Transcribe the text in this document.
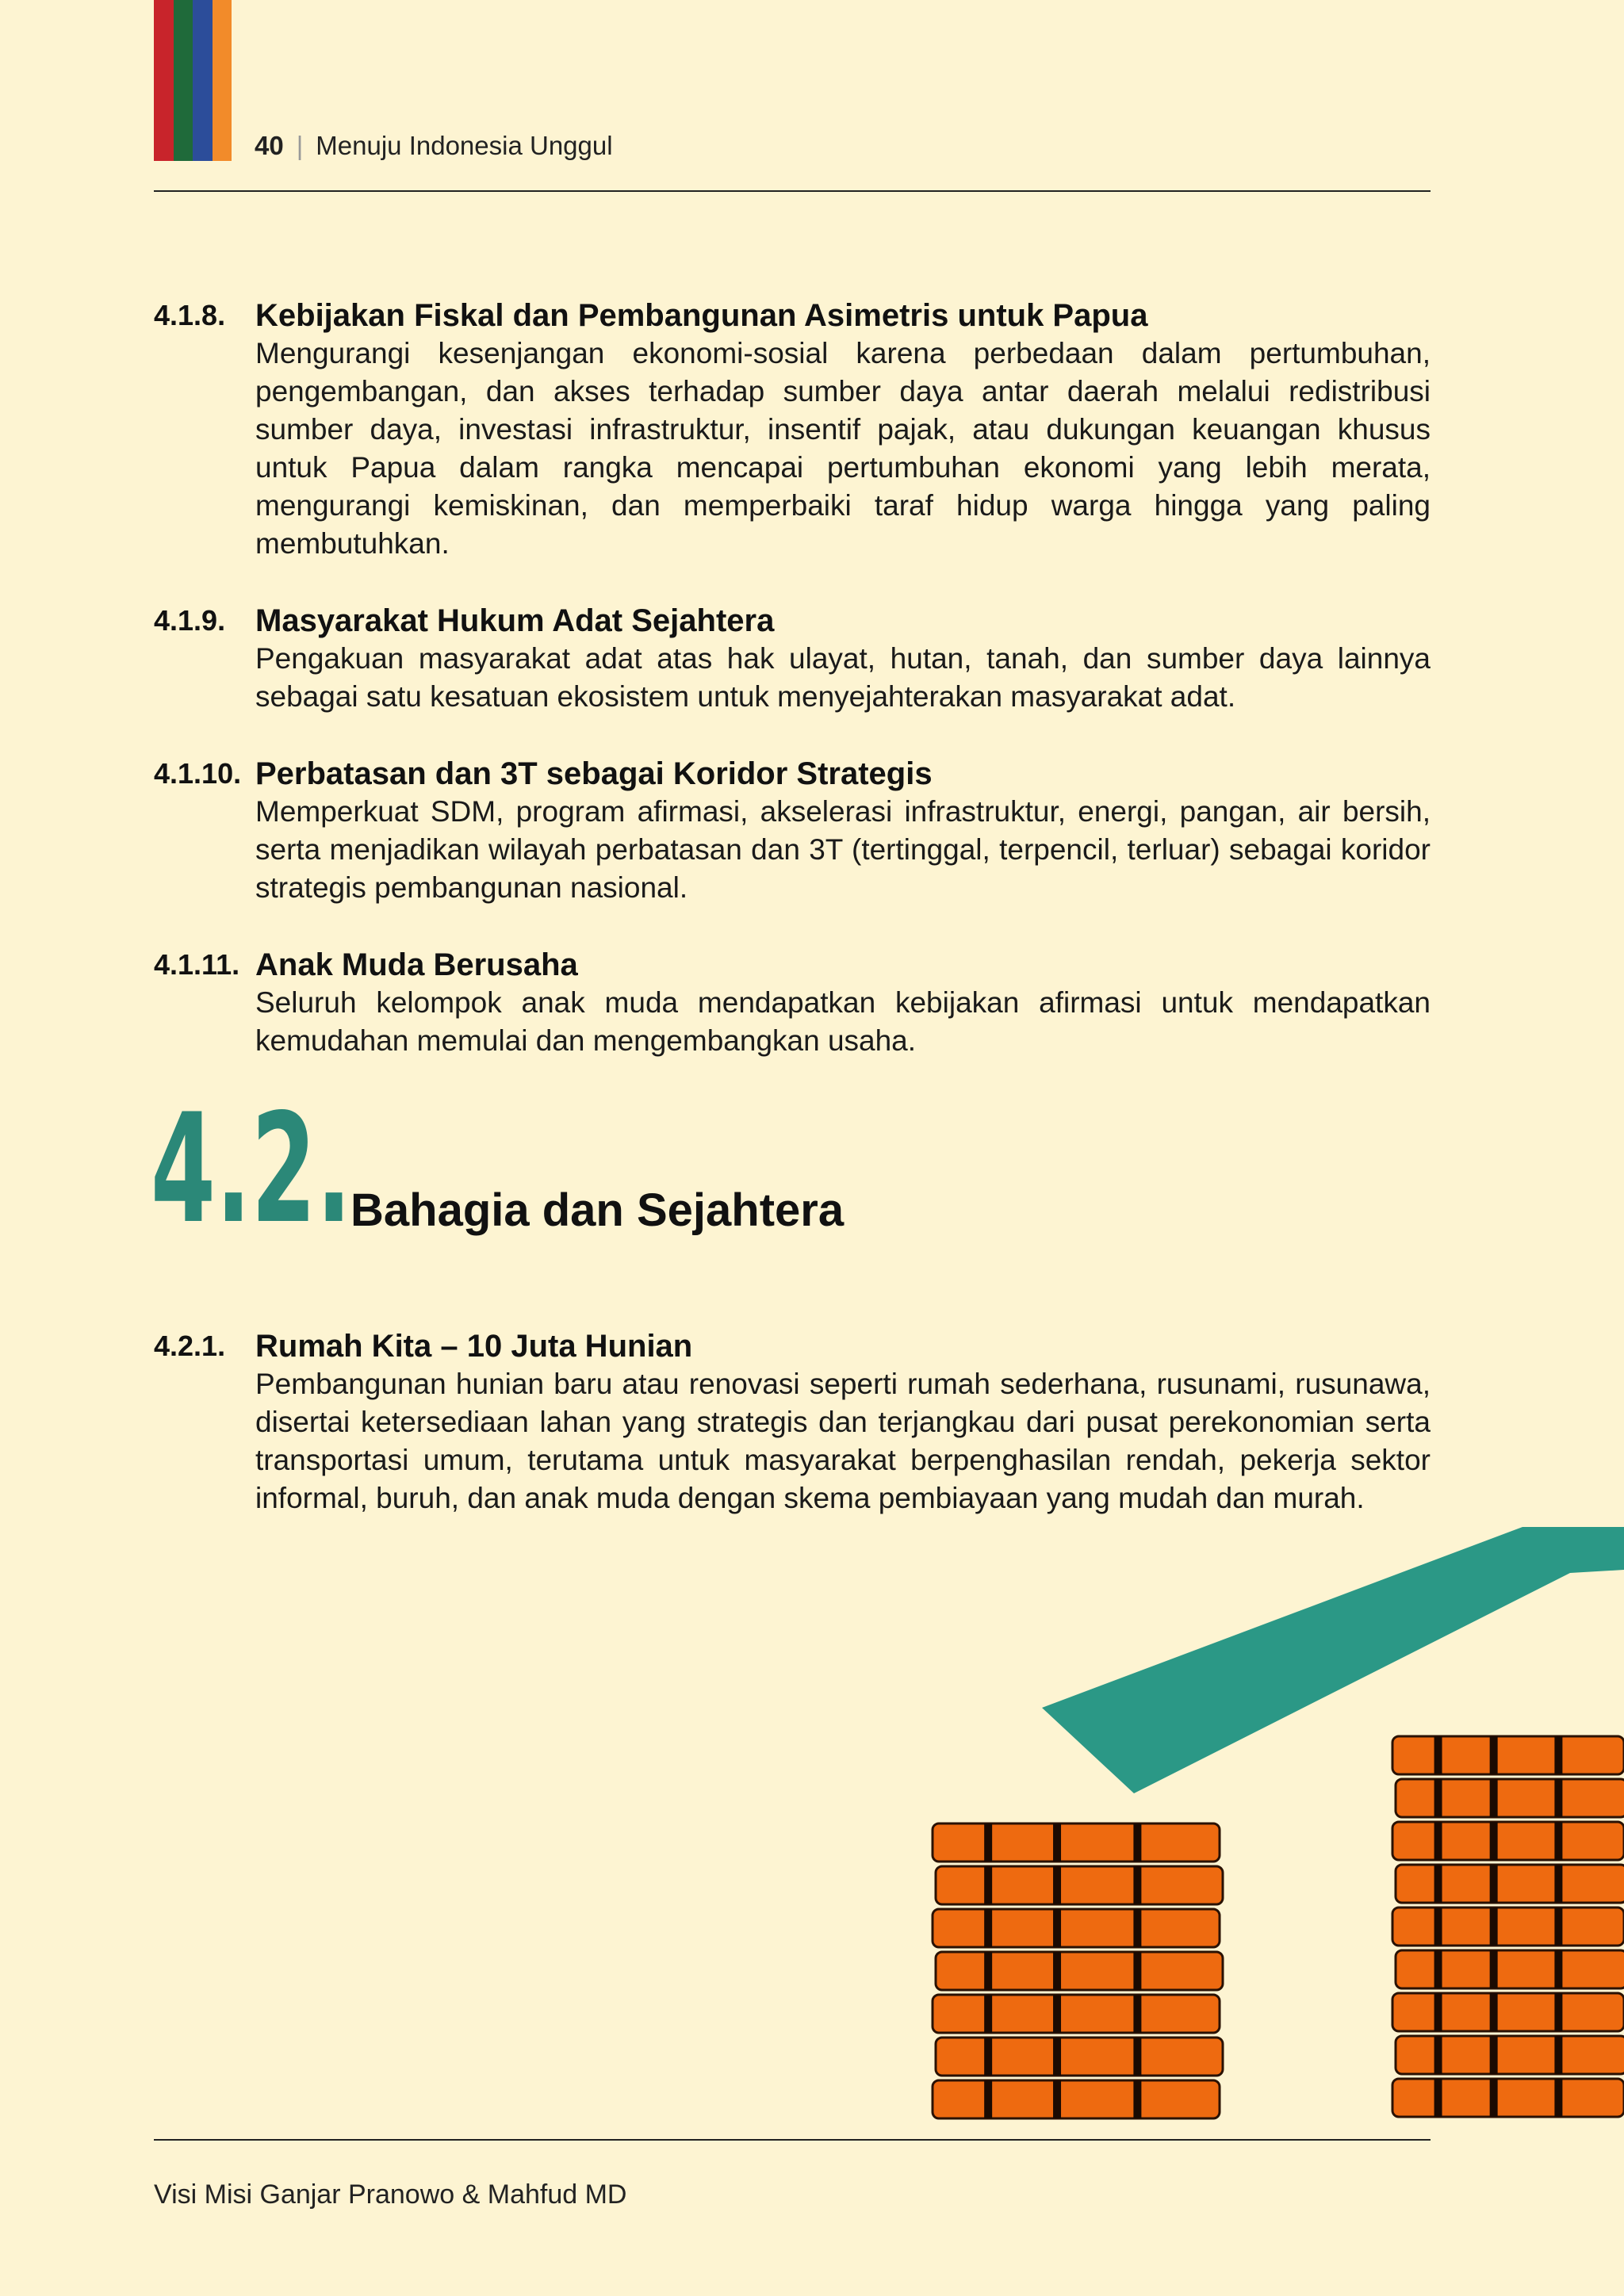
40 | Menuju Indonesia Unggul
4.1.8. Kebijakan Fiskal dan Pembangunan Asimetris untuk Papua
Mengurangi kesenjangan ekonomi-sosial karena perbedaan dalam pertumbuhan, pengembangan, dan akses terhadap sumber daya antar daerah melalui redistribusi sumber daya, investasi infrastruktur, insentif pajak, atau dukungan keuangan khusus untuk Papua dalam rangka mencapai pertumbuhan ekonomi yang lebih merata, mengurangi kemiskinan, dan memperbaiki taraf hidup warga hingga yang paling membutuhkan.
4.1.9. Masyarakat Hukum Adat Sejahtera
Pengakuan masyarakat adat atas hak ulayat, hutan, tanah, dan sumber daya lainnya sebagai satu kesatuan ekosistem untuk menyejahterakan masyarakat adat.
4.1.10. Perbatasan dan 3T sebagai Koridor Strategis
Memperkuat SDM, program afirmasi, akselerasi infrastruktur, energi, pangan, air bersih, serta menjadikan wilayah perbatasan dan 3T (tertinggal, terpencil, terluar) sebagai koridor strategis pembangunan nasional.
4.1.11. Anak Muda Berusaha
Seluruh kelompok anak muda mendapatkan kebijakan afirmasi untuk mendapatkan kemudahan memulai dan mengembangkan usaha.
4.2.
Bahagia dan Sejahtera
4.2.1. Rumah Kita – 10 Juta Hunian
Pembangunan hunian baru atau renovasi seperti rumah sederhana, rusunami, rusunawa, disertai ketersediaan lahan yang strategis dan terjangkau dari pusat perekonomian serta transportasi umum, terutama untuk masyarakat berpenghasilan rendah, pekerja sektor informal, buruh, dan anak muda dengan skema pembiayaan yang mudah dan murah.
Visi Misi Ganjar Pranowo & Mahfud MD
